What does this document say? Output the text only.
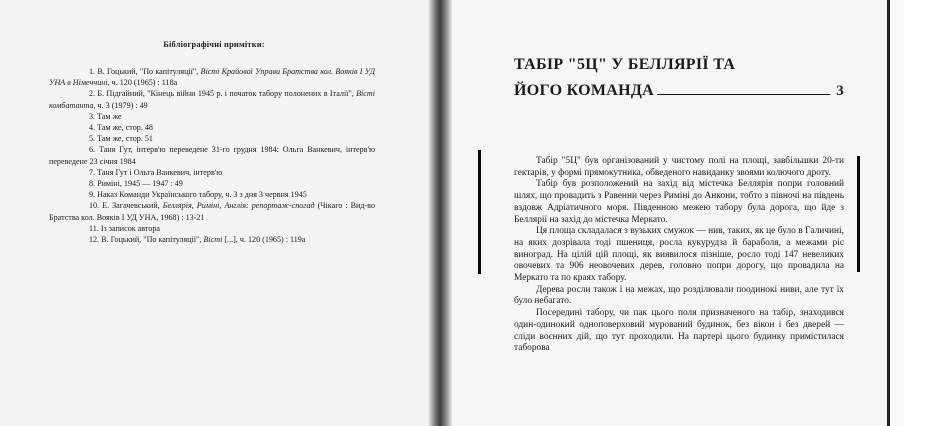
Бібліографічні примітки:
1. В. Гоцький, "По капітуляції", Вісті Крайової Управи Братства кол. Вояків I УД УНА в Німеччині, ч. 120 (1965) : 118а
2. Б. Підгайний, "Кінець війни 1945 р. і початок табору полонених в Італії", Вісті комбатанта, ч. 3 (1979) : 49
3. Там же
4. Там же, стор. 48
5. Там же, стор. 51
6. Таня Гут, інтерв'ю переведене 31-го грудня 1984: Ольга Ванкевич, інтерв'ю переведене 23 січня 1984
7. Таня Гут і Ольга Ванкевич, інтерв'ю
8. Риміні, 1945 — 1947 : 49
9. Наказ Команди Українського табору, ч. 3 з дня 3 червня 1945
10. Е. Загачевський, Беллярія, Риміні, Англія: репортаж-спогад (Чікаго : Вид-во Братства кол. Вояків I УД УНА, 1968) : 13-21
11. Із записок автора
12. В. Гоцький, "По капітуляції", Вісті [...], ч. 120 (1965) : 119а
ТАБІР "5Ц" У БЕЛЛЯРІЇ ТА
ЙОГО КОМАНДА	3

Табір "5Ц" був організований у чистому полі на площі, завбільшки 20-ти гектарів, у формі прямокутника, обведеного навиданку звоями колючого дроту.

Табір був розположений на захід від містечка Беллярія попри головний шлях, що провадить з Равенни через Риміні до Анкони, тобто з півночі на південь вздовж Адріатичного моря. Південною межею табору була дорога, що йде з Беллярії на захід до містечка Меркато.

Ця площа складалася з вузьких смужок — нив, таких, як це було в Галичині, на яких дозрівала тоді пшениця, росла кукурудза й бараболя, а межами ріс виноград. На цілій цій площі, як виявилося пізніше, росло тоді 147 невеликих овочевих та 906 неовочевих дерев, головно попри дорогу, що провадила на Меркато та по краях табору.

Дерева росли також і на межах, що розділювали поодинокі ниви, але тут їх було небагато.

Посередині табору, чи пак цього поля призначеного на табір, знаходився один-одинокий одноповерховий мурований будинок, без вікон і без дверей — сліди воєнних дій, що тут проходили. На партері цього будинку примістилася таборова
